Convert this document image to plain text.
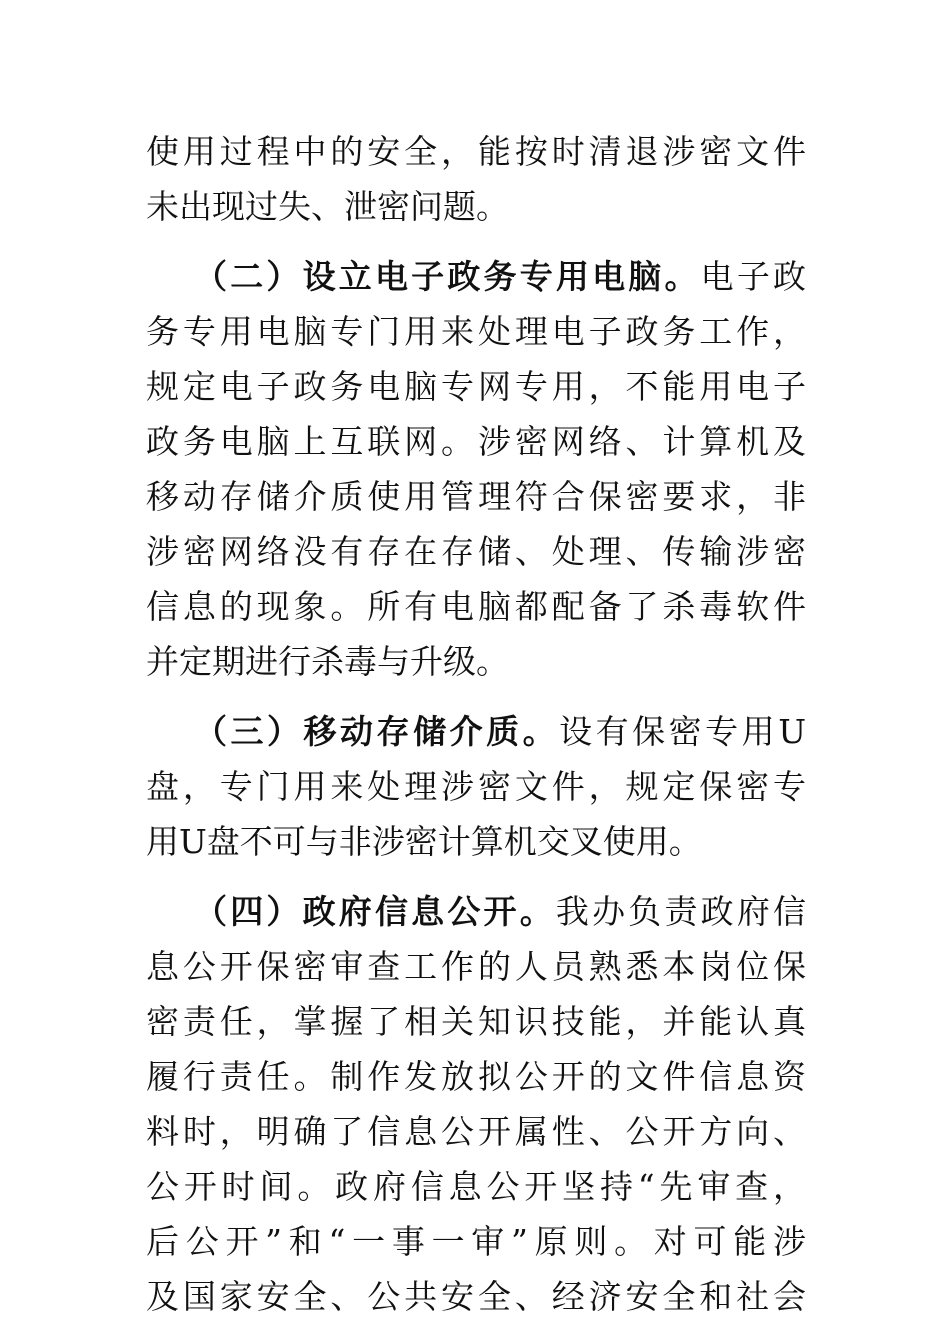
使用过程中的安全，能按时清退涉密文件
未出现过失、泄密问题。
（二）设立电子政务专用电脑。电子政
务专用电脑专门用来处理电子政务工作，
规定电子政务电脑专网专用，不能用电子
政务电脑上互联网。涉密网络、计算机及
移动存储介质使用管理符合保密要求，非
涉密网络没有存在存储、处理、传输涉密
信息的现象。所有电脑都配备了杀毒软件
并定期进行杀毒与升级。
（三）移动存储介质。设有保密专用U
盘，专门用来处理涉密文件，规定保密专
用U盘不可与非涉密计算机交叉使用。
（四）政府信息公开。我办负责政府信
息公开保密审查工作的人员熟悉本岗位保
密责任，掌握了相关知识技能，并能认真
履行责任。制作发放拟公开的文件信息资
料时，明确了信息公开属性、公开方向、
公开时间。政府信息公开坚持“先审查，
后公开”和“一事一审”原则。对可能涉
及国家安全、公共安全、经济安全和社会
